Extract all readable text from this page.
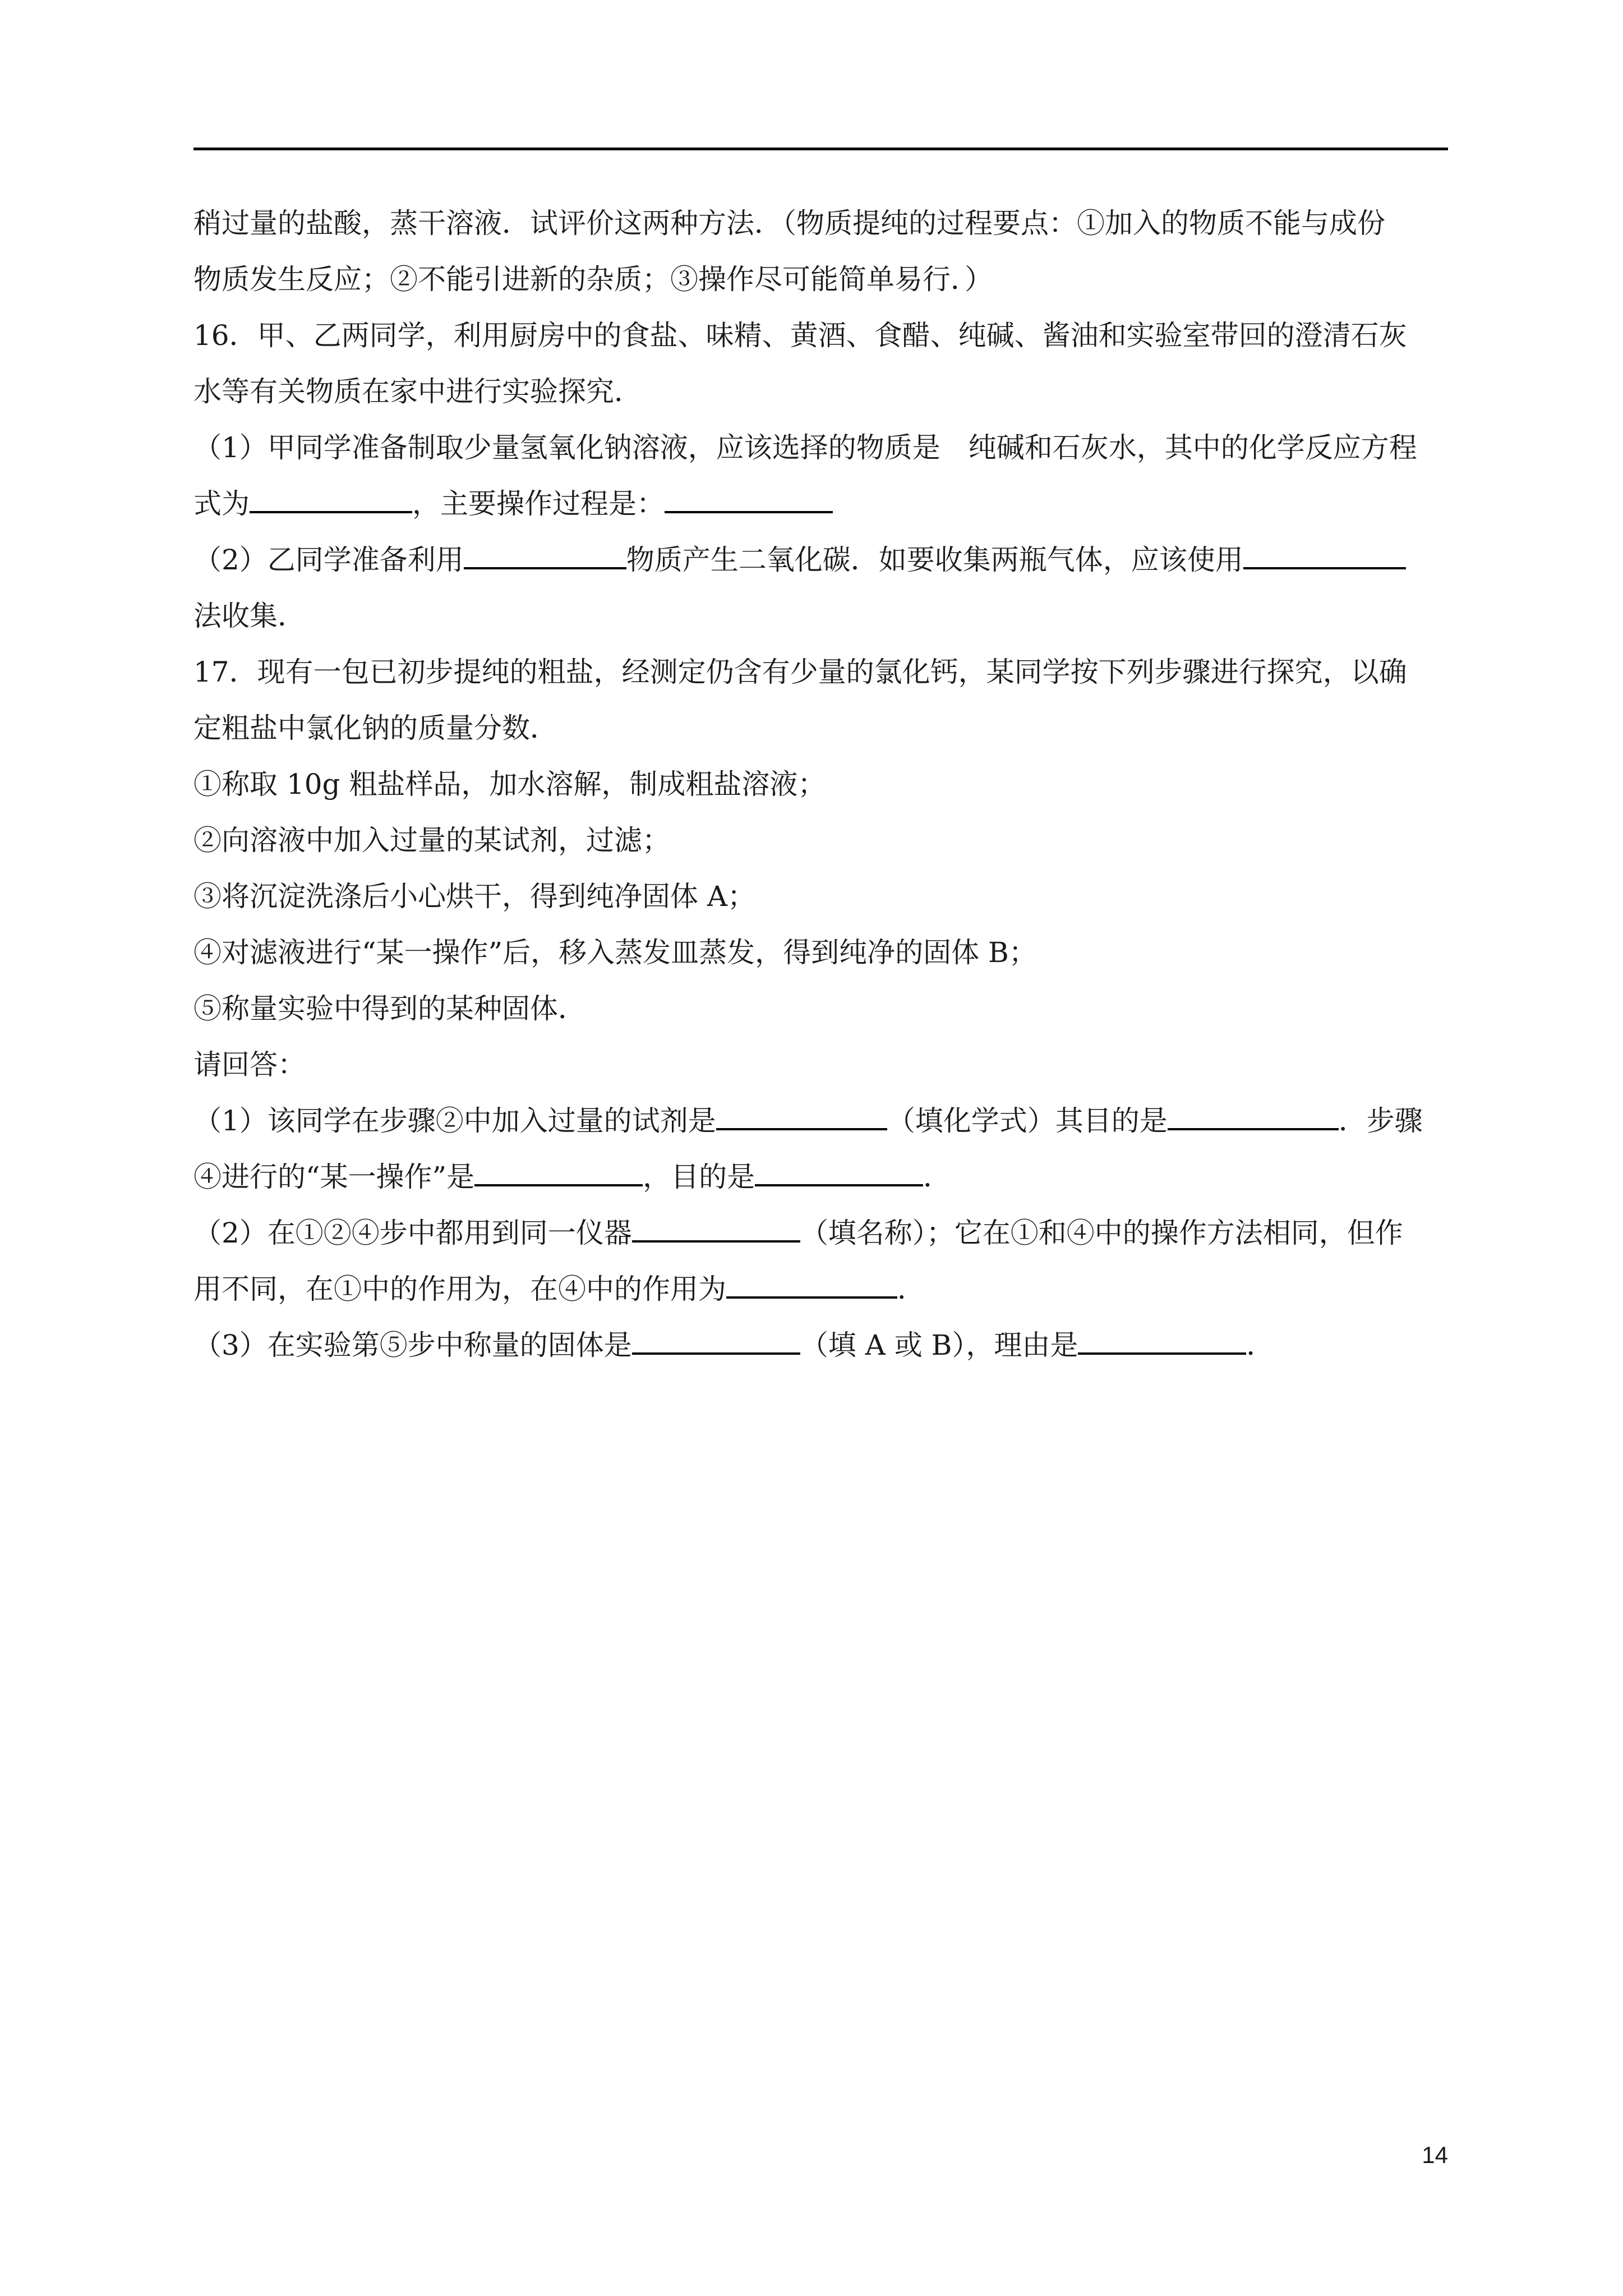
稍过量的盐酸，蒸干溶液．试评价这两种方法．（物质提纯的过程要点：①加入的物质不能与成份
物质发生反应；②不能引进新的杂质；③操作尽可能简单易行．）
16．甲、乙两同学，利用厨房中的食盐、味精、黄酒、食醋、纯碱、酱油和实验室带回的澄清石灰
水等有关物质在家中进行实验探究．
（1）甲同学准备制取少量氢氧化钠溶液，应该选择的物质是　纯碱和石灰水，其中的化学反应方程
式为	，主要操作过程是：
（2）乙同学准备利用	物质产生二氧化碳．如要收集两瓶气体，应该使用
法收集．
17．现有一包已初步提纯的粗盐，经测定仍含有少量的氯化钙，某同学按下列步骤进行探究，以确
定粗盐中氯化钠的质量分数．
①称取 10g 粗盐样品，加水溶解，制成粗盐溶液；
②向溶液中加入过量的某试剂，过滤；
③将沉淀洗涤后小心烘干，得到纯净固体 A；
④对滤液进行“某一操作”后，移入蒸发皿蒸发，得到纯净的固体 B；
⑤称量实验中得到的某种固体．
请回答：
（1）该同学在步骤②中加入过量的试剂是	（填化学式）其目的是	．步骤
④进行的“某一操作”是	，目的是	．
（2）在①②④步中都用到同一仪器	（填名称）；它在①和④中的操作方法相同，但作
用不同，在①中的作用为，在④中的作用为	．
（3）在实验第⑤步中称量的固体是	（填 A 或 B），理由是	．
14
